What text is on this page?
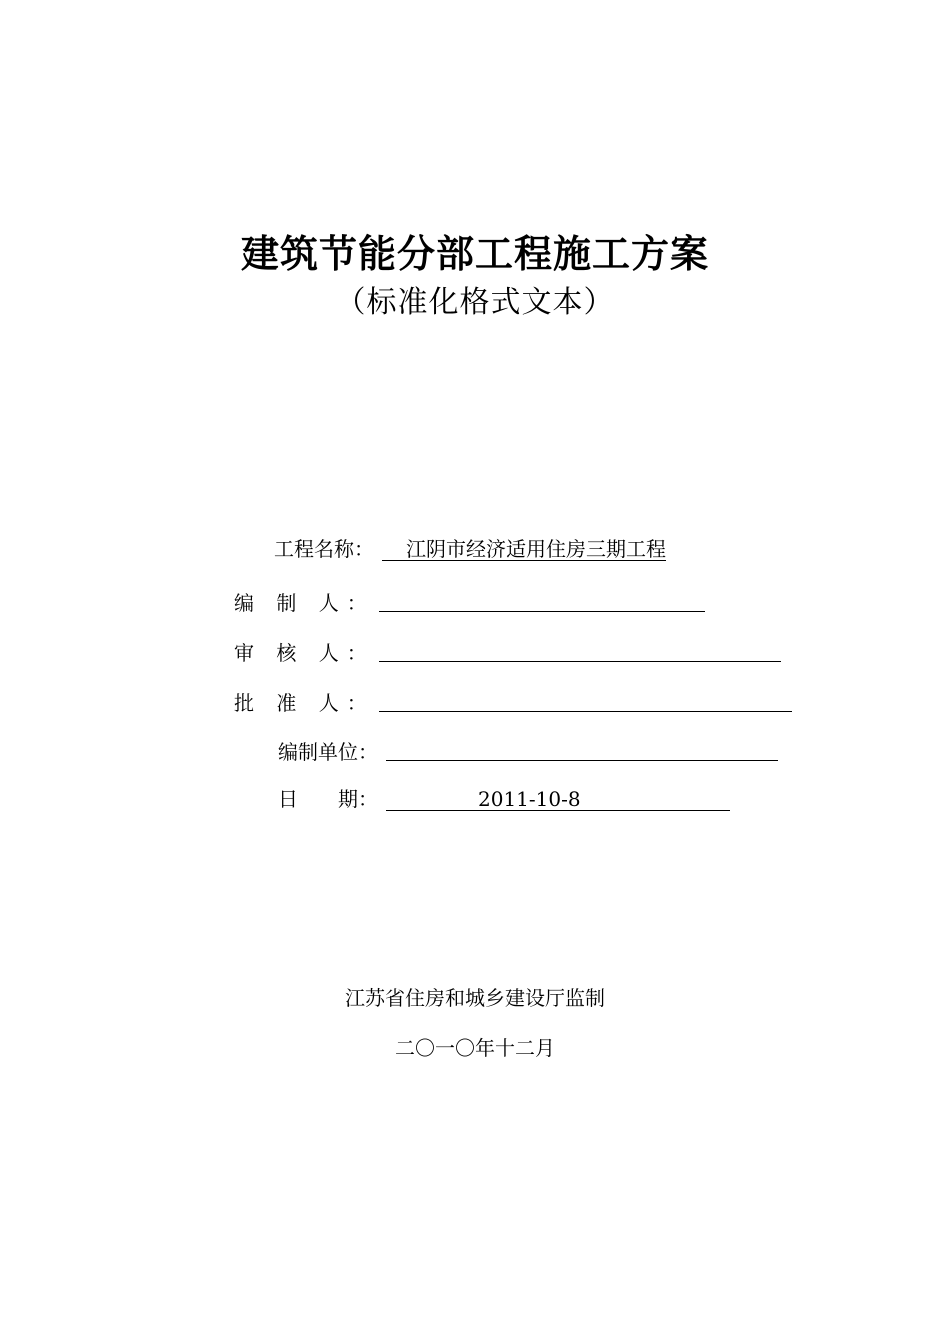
建筑节能分部工程施工方案
（标准化格式文本）
工程名称：	江阴市经济适用住房三期工程
编 制 人：
审 核 人：
批 准 人：
编制单位：
日　　期：	2011-10-8
江苏省住房和城乡建设厅监制
二〇一〇年十二月
